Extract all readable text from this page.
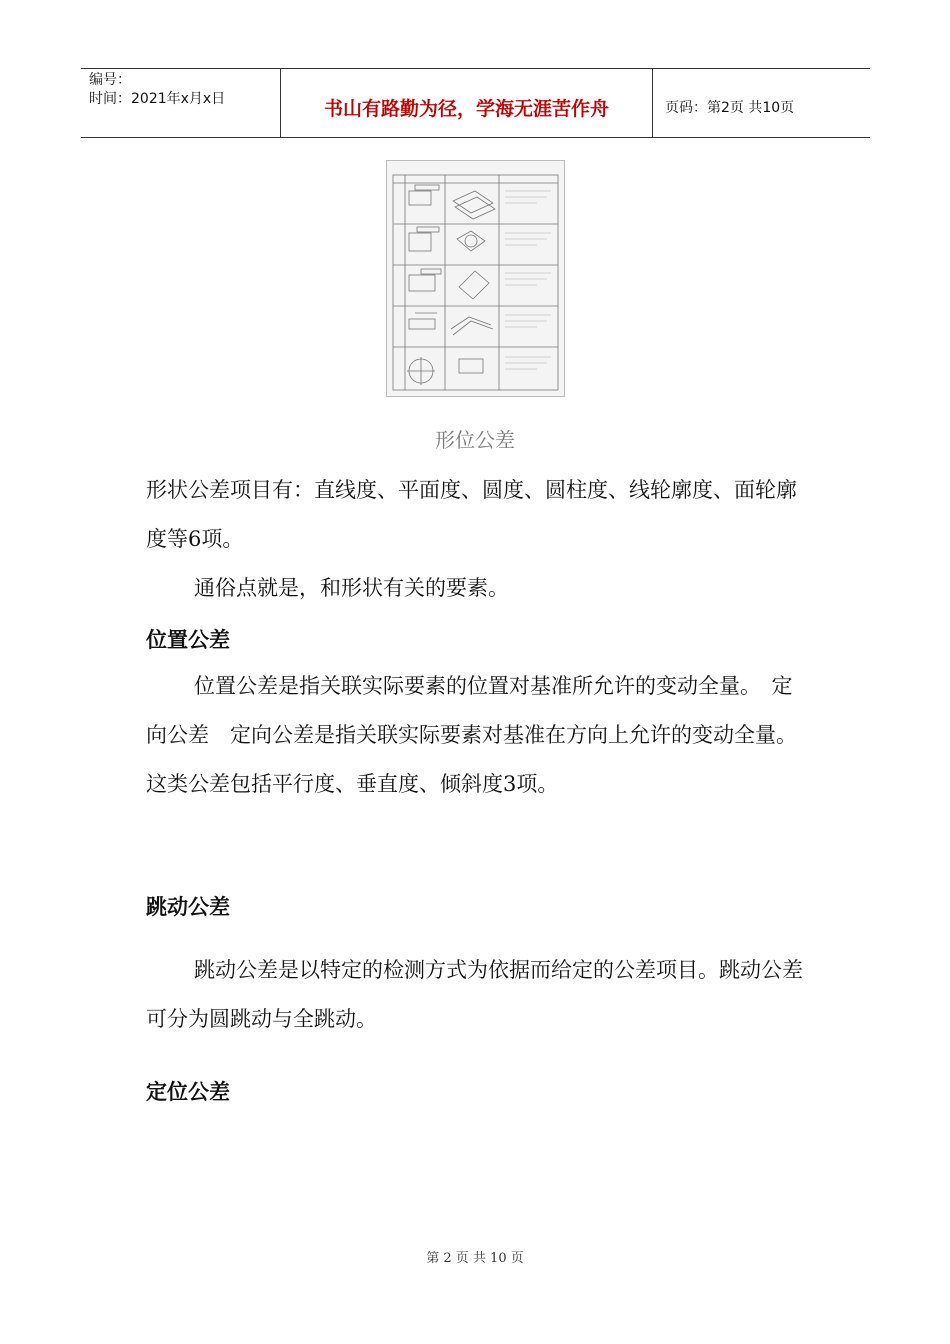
编号：
时间：2021年x月x日	书山有路勤为径，学海无涯苦作舟	页码：第2页 共10页
形位公差
形状公差项目有：直线度、平面度、圆度、圆柱度、线轮廓度、面轮廓度等6项。
通俗点就是，和形状有关的要素。
位置公差
位置公差是指关联实际要素的位置对基准所允许的变动全量。　定向公差　定向公差是指关联实际要素对基准在方向上允许的变动全量。这类公差包括平行度、垂直度、倾斜度3项。
跳动公差
跳动公差是以特定的检测方式为依据而给定的公差项目。跳动公差可分为圆跳动与全跳动。
定位公差
第 2 页 共 10 页
